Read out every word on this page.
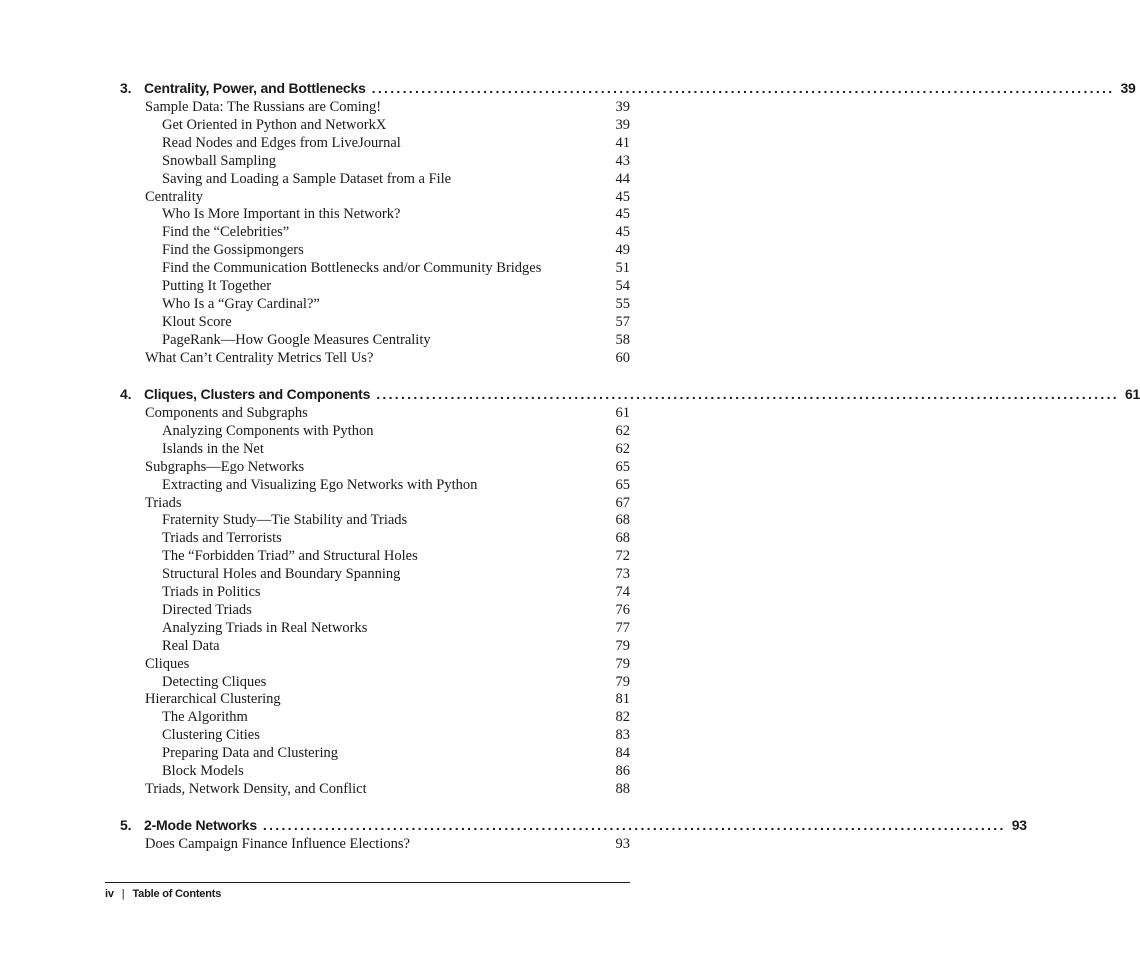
3. Centrality, Power, and Bottlenecks ........................................................................................................................ 39
Sample Data: The Russians are Coming!	39
Get Oriented in Python and NetworkX	39
Read Nodes and Edges from LiveJournal	41
Snowball Sampling	43
Saving and Loading a Sample Dataset from a File	44
Centrality	45
Who Is More Important in this Network?	45
Find the “Celebrities”	45
Find the Gossipmongers	49
Find the Communication Bottlenecks and/or Community Bridges	51
Putting It Together	54
Who Is a “Gray Cardinal?”	55
Klout Score	57
PageRank—How Google Measures Centrality	58
What Can’t Centrality Metrics Tell Us?	60
4. Cliques, Clusters and Components ........................................................................................................................ 61
Components and Subgraphs	61
Analyzing Components with Python	62
Islands in the Net	62
Subgraphs—Ego Networks	65
Extracting and Visualizing Ego Networks with Python	65
Triads	67
Fraternity Study—Tie Stability and Triads	68
Triads and Terrorists	68
The “Forbidden Triad” and Structural Holes	72
Structural Holes and Boundary Spanning	73
Triads in Politics	74
Directed Triads	76
Analyzing Triads in Real Networks	77
Real Data	79
Cliques	79
Detecting Cliques	79
Hierarchical Clustering	81
The Algorithm	82
Clustering Cities	83
Preparing Data and Clustering	84
Block Models	86
Triads, Network Density, and Conflict	88
5. 2-Mode Networks ........................................................................................................................ 93
Does Campaign Finance Influence Elections?	93
iv | Table of Contents
